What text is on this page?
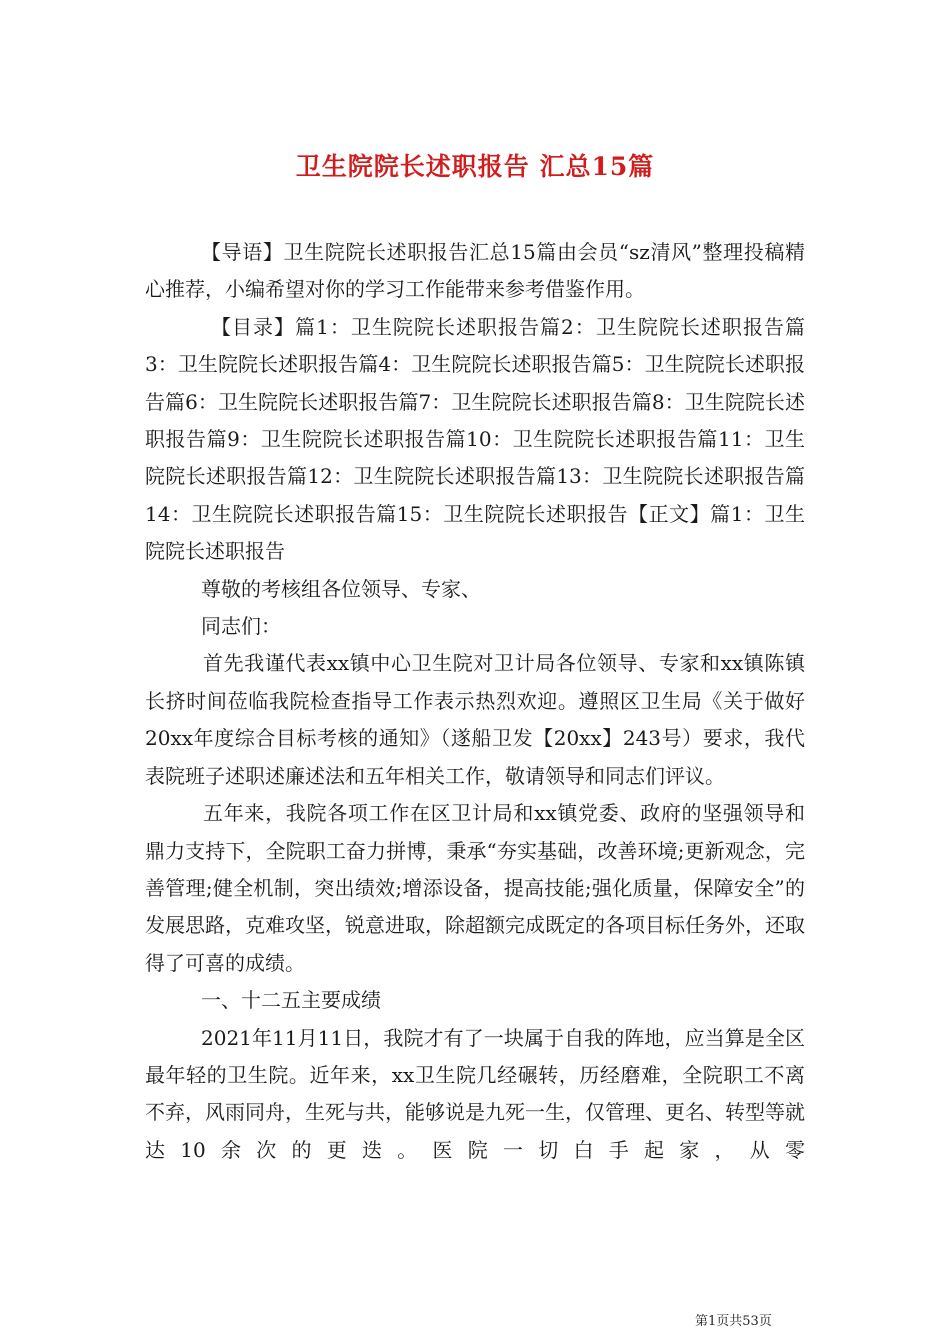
卫生院院长述职报告 汇总15篇

【导语】卫生院院长述职报告汇总15篇由会员“sz清风”整理投稿精心推荐，小编希望对你的学习工作能带来参考借鉴作用。

【目录】篇1：卫生院院长述职报告篇2：卫生院院长述职报告篇3：卫生院院长述职报告篇4：卫生院院长述职报告篇5：卫生院院长述职报告篇6：卫生院院长述职报告篇7：卫生院院长述职报告篇8：卫生院院长述职报告篇9：卫生院院长述职报告篇10：卫生院院长述职报告篇11：卫生院院长述职报告篇12：卫生院院长述职报告篇13：卫生院院长述职报告篇14：卫生院院长述职报告篇15：卫生院院长述职报告【正文】篇1：卫生院院长述职报告

尊敬的考核组各位领导、专家、

同志们：

首先我谨代表xx镇中心卫生院对卫计局各位领导、专家和xx镇陈镇长挤时间莅临我院检查指导工作表示热烈欢迎。遵照区卫生局《关于做好20xx年度综合目标考核的通知》（遂船卫发【20xx】243号）要求，我代表院班子述职述廉述法和五年相关工作，敬请领导和同志们评议。

五年来，我院各项工作在区卫计局和xx镇党委、政府的坚强领导和鼎力支持下，全院职工奋力拼博，秉承“夯实基础，改善环境;更新观念，完善管理;健全机制，突出绩效;增添设备，提高技能;强化质量，保障安全”的发展思路，克难攻坚，锐意进取，除超额完成既定的各项目标任务外，还取得了可喜的成绩。

一、十二五主要成绩

2021年11月11日，我院才有了一块属于自我的阵地，应当算是全区最年轻的卫生院。近年来，xx卫生院几经碾转，历经磨难，全院职工不离不弃，风雨同舟，生死与共，能够说是九死一生，仅管理、更名、转型等就达10余次的更迭。医院一切白手起家，从零

第1页共53页
